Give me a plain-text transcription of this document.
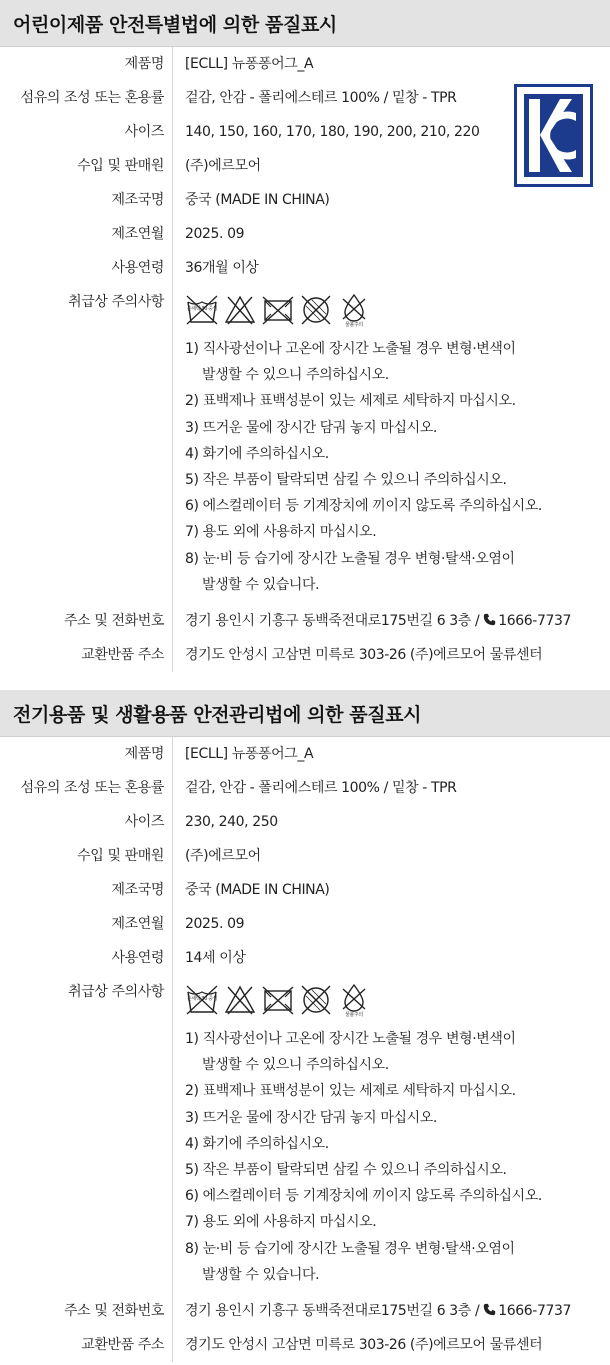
어린이제품 안전특별법에 의한 품질표시
제품명	[ECLL] 뉴퐁퐁어그_A
섬유의 조성 또는 혼용률	겉감, 안감 - 폴리에스테르 100% / 밑창 - TPR
사이즈	140, 150, 160, 170, 180, 190, 200, 210, 220
수입 및 판매원	(주)에르모어
제조국명	중국 (MADE IN CHINA)
제조연월	2025. 09
사용연령	36개월 이상
취급상 주의사항	손세탁 30 중성
물볼주의
1) 직사광선이나 고온에 장시간 노출될 경우 변형·변색이
발생할 수 있으니 주의하십시오.
2) 표백제나 표백성분이 있는 세제로 세탁하지 마십시오.
3) 뜨거운 물에 장시간 담궈 놓지 마십시오.
4) 화기에 주의하십시오.
5) 작은 부품이 탈락되면 삼킬 수 있으니 주의하십시오.
6) 에스컬레이터 등 기계장치에 끼이지 않도록 주의하십시오.
7) 용도 외에 사용하지 마십시오.
8) 눈·비 등 습기에 장시간 노출될 경우 변형·탈색·오염이
발생할 수 있습니다.
주소 및 전화번호	경기 용인시 기흥구 동백죽전대로175번길 6 3층 / 1666-7737
교환반품 주소	경기도 안성시 고삼면 미륵로 303-26 (주)에르모어 물류센터
전기용품 및 생활용품 안전관리법에 의한 품질표시
제품명	[ECLL] 뉴퐁퐁어그_A
섬유의 조성 또는 혼용률	겉감, 안감 - 폴리에스테르 100% / 밑창 - TPR
사이즈	230, 240, 250
수입 및 판매원	(주)에르모어
제조국명	중국 (MADE IN CHINA)
제조연월	2025. 09
사용연령	14세 이상
취급상 주의사항	손세탁 30 중성
물볼주의
1) 직사광선이나 고온에 장시간 노출될 경우 변형·변색이
발생할 수 있으니 주의하십시오.
2) 표백제나 표백성분이 있는 세제로 세탁하지 마십시오.
3) 뜨거운 물에 장시간 담궈 놓지 마십시오.
4) 화기에 주의하십시오.
5) 작은 부품이 탈락되면 삼킬 수 있으니 주의하십시오.
6) 에스컬레이터 등 기계장치에 끼이지 않도록 주의하십시오.
7) 용도 외에 사용하지 마십시오.
8) 눈·비 등 습기에 장시간 노출될 경우 변형·탈색·오염이
발생할 수 있습니다.
주소 및 전화번호	경기 용인시 기흥구 동백죽전대로175번길 6 3층 / 1666-7737
교환반품 주소	경기도 안성시 고삼면 미륵로 303-26 (주)에르모어 물류센터
